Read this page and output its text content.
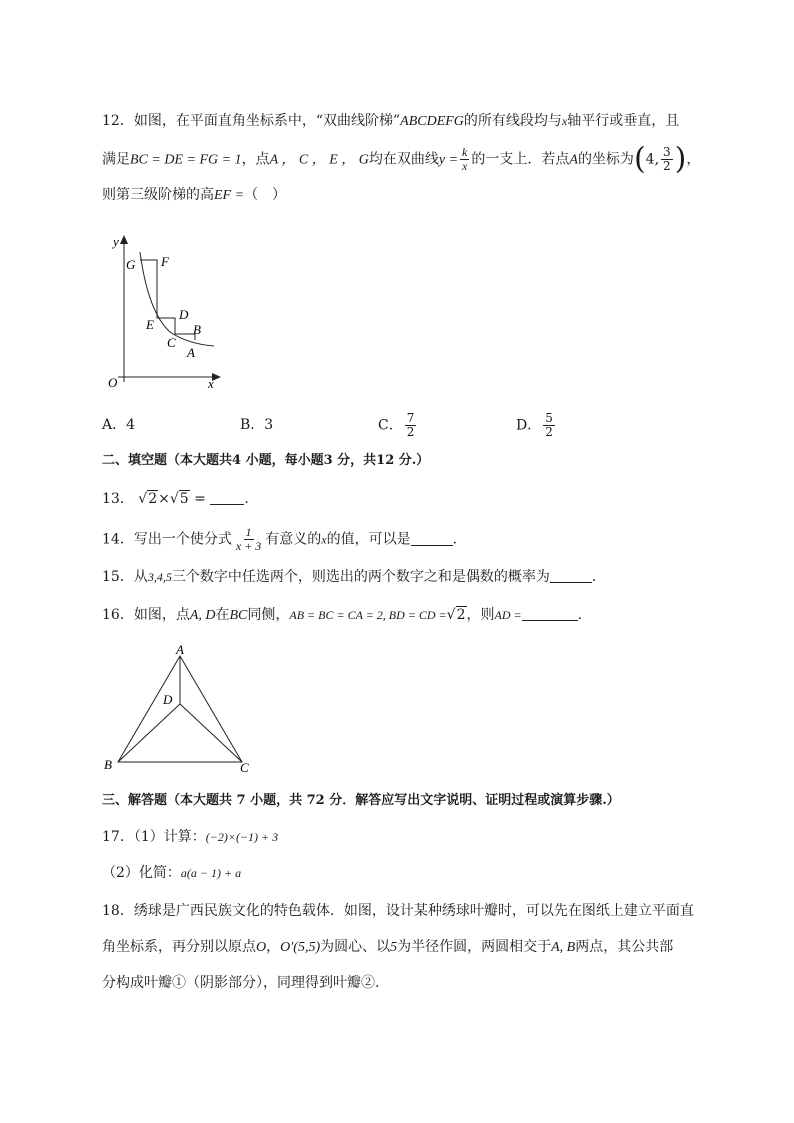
12．如图，在平面直角坐标系中，“双曲线阶梯”ABCDEFG的所有线段均与x轴平行或垂直，且
满足BC = DE = FG = 1，点A ， C ， E ， G均在双曲线$y = \frac{k}{x}$ 的一支上．若点A的坐标为(4, $\frac{3}{2}$ )，
则第三级阶梯的高EF =（　）
y
x
O
G F
E
D
C
B
A
A．4	B．3	C． $\frac{7}{2}$	D． $\frac{5}{2}$
二、填空题（本大题共4 小题，每小题3 分，共12 分.）
13． √2×√5 =	.
14．写出一个使分式 $\frac{1}{x + 3}$ 有意义的x的值，可以是	.
15．从3,4,5三个数字中任选两个，则选出的两个数字之和是偶数的概率为	.
16．如图，点A, D在BC同侧，AB = BC = CA = 2, BD = CD =√2，则AD =	.
A
B	C
D
三、解答题（本大题共 7 小题，共 72 分．解答应写出文字说明、证明过程或演算步骤.）
17．（1）计算：(−2)×(−1) + 3
（2）化简：a(a − 1) + a
18．绣球是广西民族文化的特色载体．如图，设计某种绣球叶瓣时，可以先在图纸上建立平面直
角坐标系，再分别以原点O，O′(5,5)为圆心、以5为半径作圆，两圆相交于A, B两点，其公共部
分构成叶瓣①（阴影部分），同理得到叶瓣②.
